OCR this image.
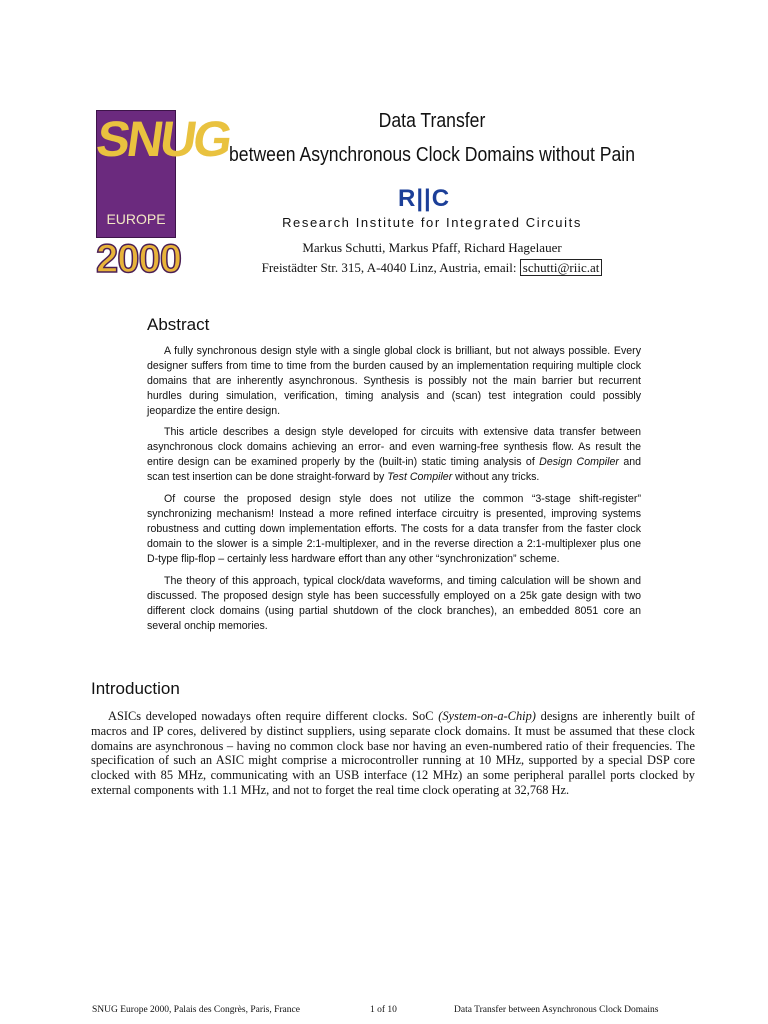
SNUG
EUROPE
2000
Data Transfer
between Asynchronous Clock Domains without Pain
R||C
Research Institute for Integrated Circuits
Markus Schutti, Markus Pfaff, Richard Hagelauer
Freistädter Str. 315, A-4040 Linz, Austria, email: schutti@riic.at
Abstract

A fully synchronous design style with a single global clock is brilliant, but not always possible. Every designer suffers from time to time from the burden caused by an implementation requiring multiple clock domains that are inherently asynchronous. Synthesis is possibly not the main barrier but recurrent hurdles during simulation, verification, timing analysis and (scan) test integration could possibly jeopardize the entire design.

This article describes a design style developed for circuits with extensive data transfer between asynchronous clock domains achieving an error- and even warning-free synthesis flow. As result the entire design can be examined properly by the (built-in) static timing analysis of Design Compiler and scan test insertion can be done straight-forward by Test Compiler without any tricks.

Of course the proposed design style does not utilize the common “3-stage shift-register” synchronizing mechanism! Instead a more refined interface circuitry is presented, improving systems robustness and cutting down implementation efforts. The costs for a data transfer from the faster clock domain to the slower is a simple 2:1-multiplexer, and in the reverse direction a 2:1-multiplexer plus one D-type flip-flop – certainly less hardware effort than any other “synchronization” scheme.

The theory of this approach, typical clock/data waveforms, and timing calculation will be shown and discussed. The proposed design style has been successfully employed on a 25k gate design with two different clock domains (using partial shutdown of the clock branches), an embedded 8051 core an several onchip memories.

Introduction

ASICs developed nowadays often require different clocks. SoC (System-on-a-Chip) designs are inherently built of macros and IP cores, delivered by distinct suppliers, using separate clock domains. It must be assumed that these clock domains are asynchronous – having no common clock base nor having an even-numbered ratio of their frequencies. The specification of such an ASIC might comprise a microcontroller running at 10 MHz, supported by a special DSP core clocked with 85 MHz, communicating with an USB interface (12 MHz) an some peripheral parallel ports clocked by external components with 1.1 MHz, and not to forget the real time clock operating at 32,768 Hz.

SNUG Europe 2000, Palais des Congrès, Paris, France	1 of 10	Data Transfer between Asynchronous Clock Domains
